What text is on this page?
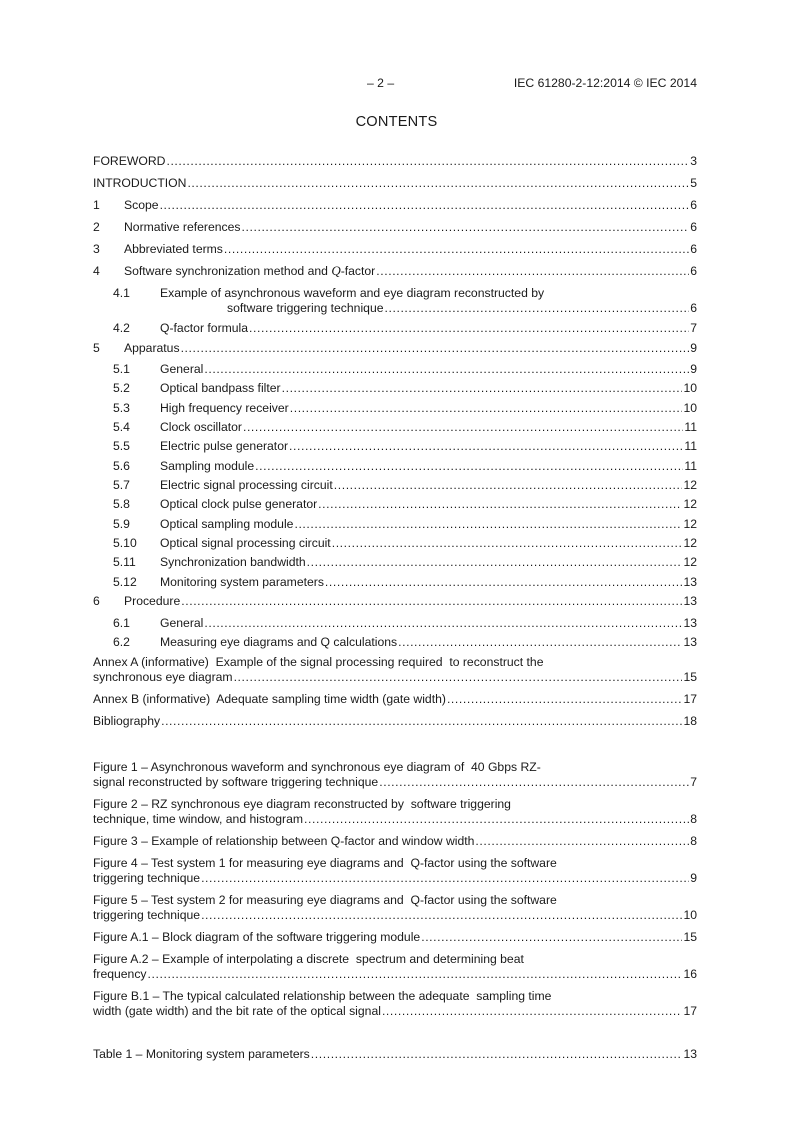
– 2 –	IEC 61280-2-12:2014 © IEC 2014
CONTENTS
FOREWORD .....	3
INTRODUCTION .....	5
1	Scope .....	6
2	Normative references .....	6
3	Abbreviated terms .....	6
4	Software synchronization method and Q-factor .....	6
4.1	Example of asynchronous waveform and eye diagram reconstructed by
software triggering technique .....	6
4.2	Q-factor formula .....	7
5	Apparatus .....	9
5.1	General .....	9
5.2	Optical bandpass filter .....	10
5.3	High frequency receiver .....	10
5.4	Clock oscillator .....	11
5.5	Electric pulse generator .....	11
5.6	Sampling module .....	11
5.7	Electric signal processing circuit .....	12
5.8	Optical clock pulse generator .....	12
5.9	Optical sampling module .....	12
5.10	Optical signal processing circuit .....	12
5.11	Synchronization bandwidth .....	12
5.12	Monitoring system parameters .....	13
6	Procedure .....	13
6.1	General .....	13
6.2	Measuring eye diagrams and Q calculations .....	13
Annex A (informative)  Example of the signal processing required  to reconstruct the
synchronous eye diagram .....	15
Annex B (informative)  Adequate sampling time width (gate width) .....	17
Bibliography .....	18
Figure 1 – Asynchronous waveform and synchronous eye diagram of  40 Gbps RZ-
signal reconstructed by software triggering technique .....	7
Figure 2 – RZ synchronous eye diagram reconstructed by  software triggering
technique, time window, and histogram .....	8
Figure 3 – Example of relationship between Q-factor and window width .....	8
Figure 4 – Test system 1 for measuring eye diagrams and  Q-factor using the software
triggering technique .....	9
Figure 5 – Test system 2 for measuring eye diagrams and  Q-factor using the software
triggering technique .....	10
Figure A.1 – Block diagram of the software triggering module .....	15
Figure A.2 – Example of interpolating a discrete  spectrum and determining beat
frequency .....	16
Figure B.1 – The typical calculated relationship between the adequate  sampling time
width (gate width) and the bit rate of the optical signal .....	17
Table 1 – Monitoring system parameters .....	13
